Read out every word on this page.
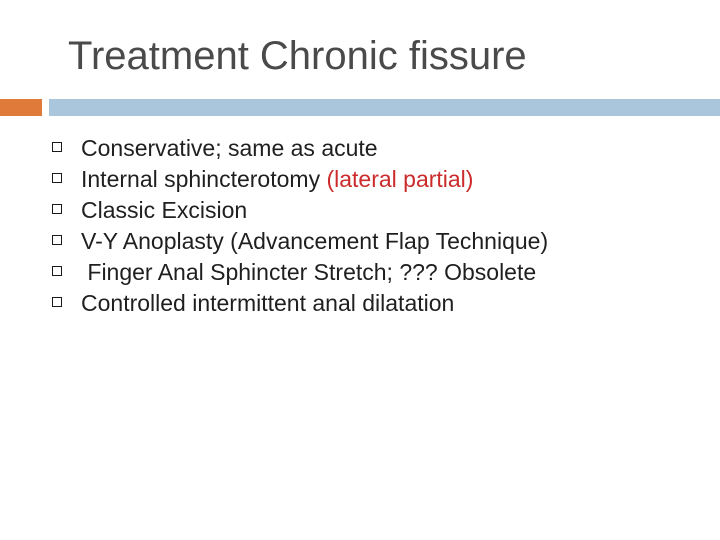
Treatment Chronic fissure
Conservative; same as acute
Internal sphincterotomy (lateral partial)
Classic Excision
V-Y Anoplasty (Advancement Flap Technique)
Finger Anal Sphincter Stretch; ??? Obsolete
Controlled intermittent anal dilatation
